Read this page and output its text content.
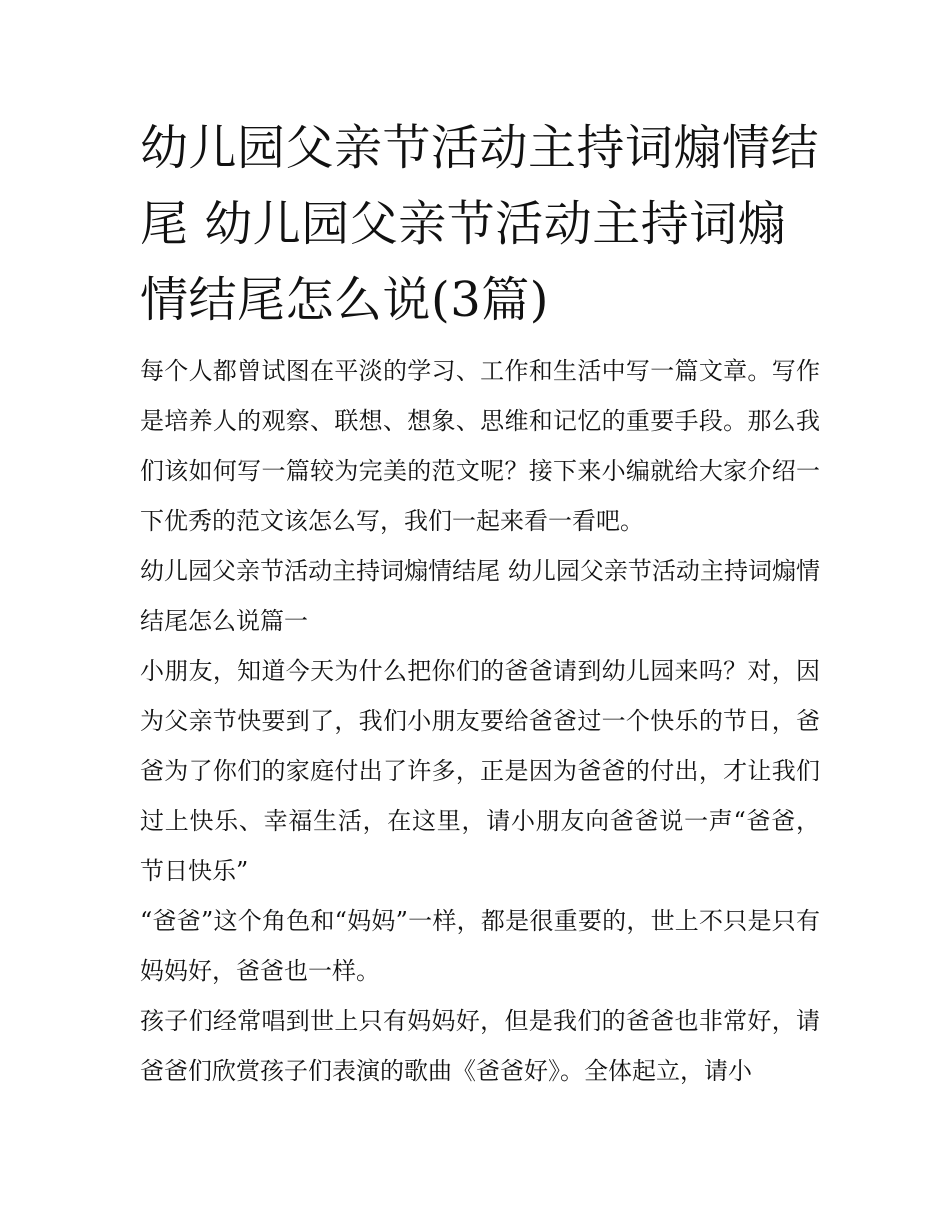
幼儿园父亲节活动主持词煽情结尾 幼儿园父亲节活动主持词煽情结尾怎么说(3篇)

每个人都曾试图在平淡的学习、工作和生活中写一篇文章。写作是培养人的观察、联想、想象、思维和记忆的重要手段。那么我们该如何写一篇较为完美的范文呢？接下来小编就给大家介绍一下优秀的范文该怎么写，我们一起来看一看吧。

幼儿园父亲节活动主持词煽情结尾 幼儿园父亲节活动主持词煽情结尾怎么说篇一

小朋友，知道今天为什么把你们的爸爸请到幼儿园来吗？对，因为父亲节快要到了，我们小朋友要给爸爸过一个快乐的节日，爸爸为了你们的家庭付出了许多，正是因为爸爸的付出，才让我们过上快乐、幸福生活，在这里，请小朋友向爸爸说一声“爸爸，节日快乐”

“爸爸”这个角色和“妈妈”一样，都是很重要的，世上不只是只有妈妈好，爸爸也一样。

孩子们经常唱到世上只有妈妈好，但是我们的爸爸也非常好，请爸爸们欣赏孩子们表演的歌曲《爸爸好》。全体起立，请小
